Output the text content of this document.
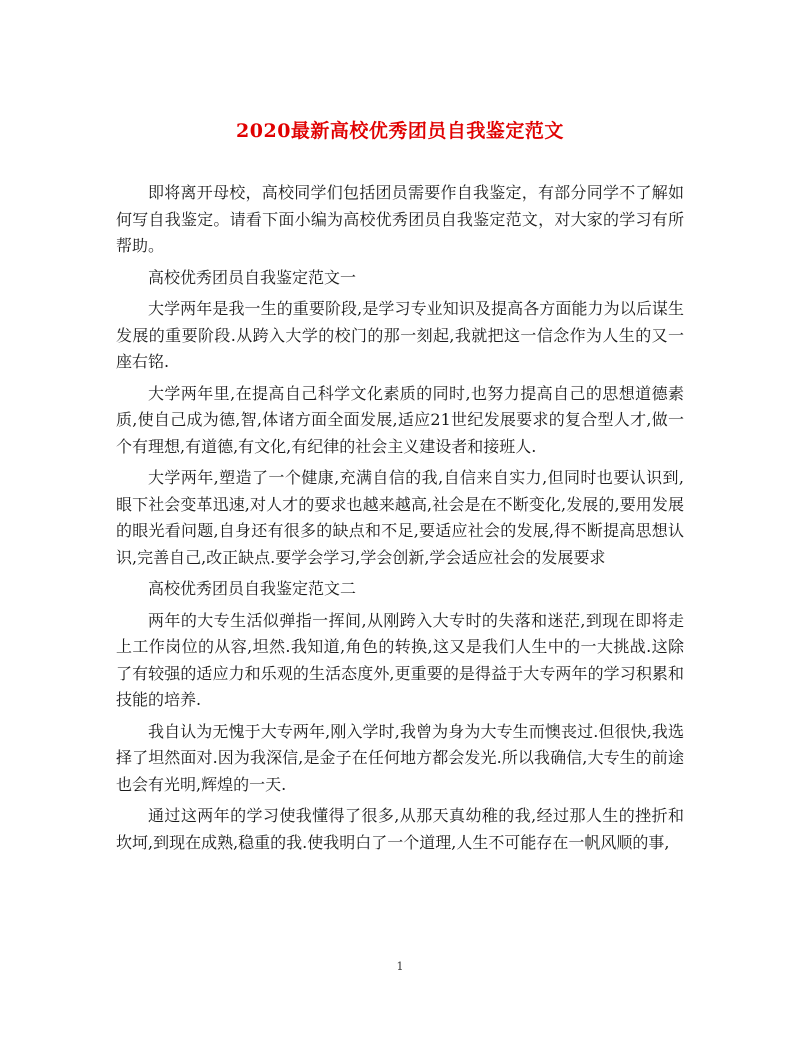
2020最新高校优秀团员自我鉴定范文

即将离开母校，高校同学们包括团员需要作自我鉴定，有部分同学不了解如何写自我鉴定。请看下面小编为高校优秀团员自我鉴定范文，对大家的学习有所帮助。

高校优秀团员自我鉴定范文一

大学两年是我一生的重要阶段,是学习专业知识及提高各方面能力为以后谋生发展的重要阶段.从跨入大学的校门的那一刻起,我就把这一信念作为人生的又一座右铭.

大学两年里,在提高自己科学文化素质的同时,也努力提高自己的思想道德素质,使自己成为德,智,体诸方面全面发展,适应21世纪发展要求的复合型人才,做一个有理想,有道德,有文化,有纪律的社会主义建设者和接班人.

大学两年,塑造了一个健康,充满自信的我,自信来自实力,但同时也要认识到,眼下社会变革迅速,对人才的要求也越来越高,社会是在不断变化,发展的,要用发展的眼光看问题,自身还有很多的缺点和不足,要适应社会的发展,得不断提高思想认识,完善自己,改正缺点.要学会学习,学会创新,学会适应社会的发展要求

高校优秀团员自我鉴定范文二

两年的大专生活似弹指一挥间,从刚跨入大专时的失落和迷茫,到现在即将走上工作岗位的从容,坦然.我知道,角色的转换,这又是我们人生中的一大挑战.这除了有较强的适应力和乐观的生活态度外,更重要的是得益于大专两年的学习积累和技能的培养.

我自认为无愧于大专两年,刚入学时,我曾为身为大专生而懊丧过.但很快,我选择了坦然面对.因为我深信,是金子在任何地方都会发光.所以我确信,大专生的前途也会有光明,辉煌的一天.

通过这两年的学习使我懂得了很多,从那天真幼稚的我,经过那人生的挫折和坎坷,到现在成熟,稳重的我.使我明白了一个道理,人生不可能存在一帆风顺的事,

1
